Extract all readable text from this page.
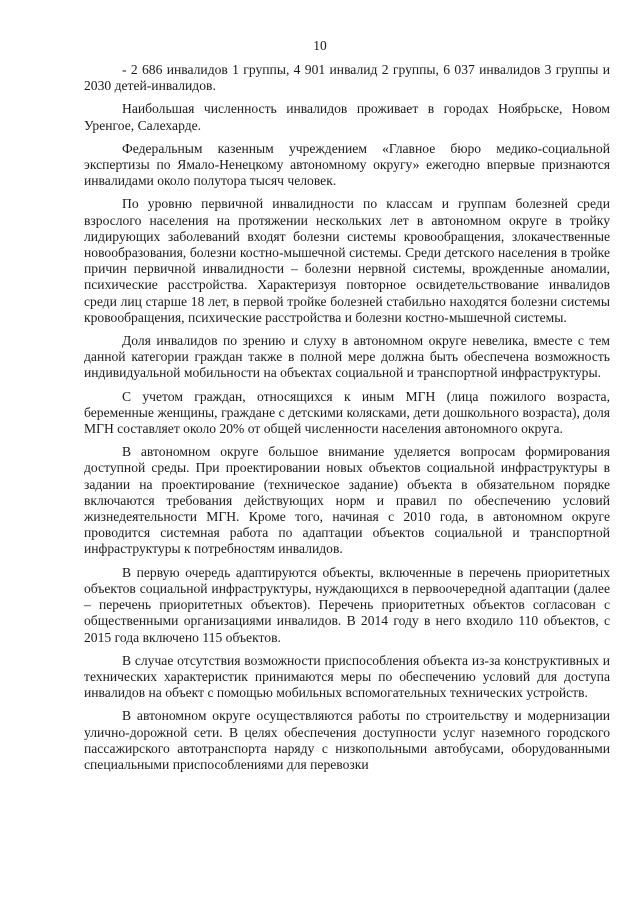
10

- 2 686 инвалидов 1 группы, 4 901 инвалид 2 группы, 6 037 инвалидов 3 группы и 2030 детей-инвалидов.

Наибольшая численность инвалидов проживает в городах Ноябрьске, Новом Уренгое, Салехарде.

Федеральным казенным учреждением «Главное бюро медико-социальной экспертизы по Ямало-Ненецкому автономному округу» ежегодно впервые признаются инвалидами около полутора тысяч человек.

По уровню первичной инвалидности по классам и группам болезней среди взрослого населения на протяжении нескольких лет в автономном округе в тройку лидирующих заболеваний входят болезни системы кровообращения, злокачественные новообразования, болезни костно-мышечной системы. Среди детского населения в тройке причин первичной инвалидности – болезни нервной системы, врожденные аномалии, психические расстройства. Характеризуя повторное освидетельствование инвалидов среди лиц старше 18 лет, в первой тройке болезней стабильно находятся болезни системы кровообращения, психические расстройства и болезни костно-мышечной системы.

Доля инвалидов по зрению и слуху в автономном округе невелика, вместе с тем данной категории граждан также в полной мере должна быть обеспечена возможность индивидуальной мобильности на объектах социальной и транспортной инфраструктуры.

С учетом граждан, относящихся к иным МГН (лица пожилого возраста, беременные женщины, граждане с детскими колясками, дети дошкольного возраста), доля МГН составляет около 20% от общей численности населения автономного округа.

В автономном округе большое внимание уделяется вопросам формирования доступной среды. При проектировании новых объектов социальной инфраструктуры в задании на проектирование (техническое задание) объекта в обязательном порядке включаются требования действующих норм и правил по обеспечению условий жизнедеятельности МГН. Кроме того, начиная с 2010 года, в автономном округе проводится системная работа по адаптации объектов социальной и транспортной инфраструктуры к потребностям инвалидов.

В первую очередь адаптируются объекты, включенные в перечень приоритетных объектов социальной инфраструктуры, нуждающихся в первоочередной адаптации (далее – перечень приоритетных объектов). Перечень приоритетных объектов согласован с общественными организациями инвалидов. В 2014 году в него входило 110 объектов, с 2015 года включено 115 объектов.

В случае отсутствия возможности приспособления объекта из-за конструктивных и технических характеристик принимаются меры по обеспечению условий для доступа инвалидов на объект с помощью мобильных вспомогательных технических устройств.

В автономном округе осуществляются работы по строительству и модернизации улично-дорожной сети. В целях обеспечения доступности услуг наземного городского пассажирского автотранспорта наряду с низкопольными автобусами, оборудованными специальными приспособлениями для перевозки
